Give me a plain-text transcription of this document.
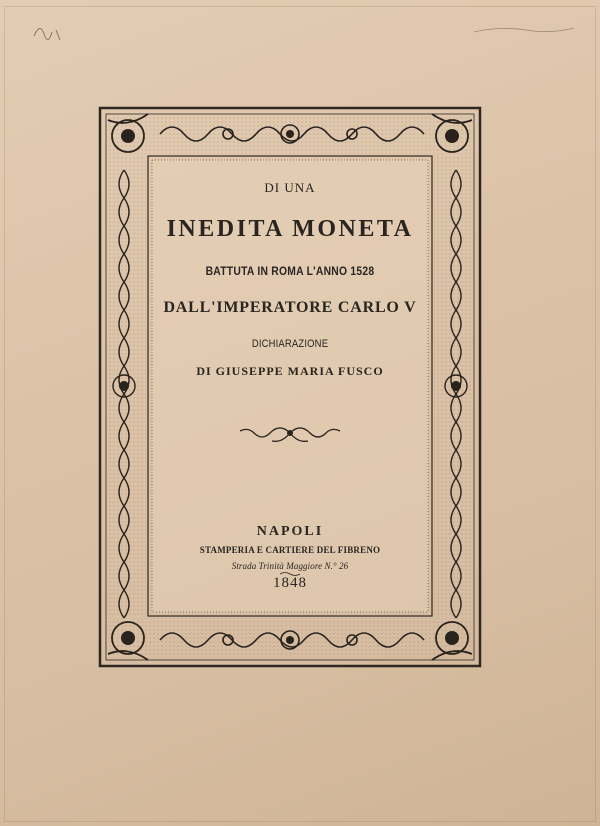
DI UNA
INEDITA MONETA
BATTUTA IN ROMA L'ANNO 1528
DALL'IMPERATORE CARLO V
DICHIARAZIONE
DI GIUSEPPE MARIA FUSCO
NAPOLI
STAMPERIA E CARTIERE DEL FIBRENO
Strada Trinità Maggiore N.° 26
1848
